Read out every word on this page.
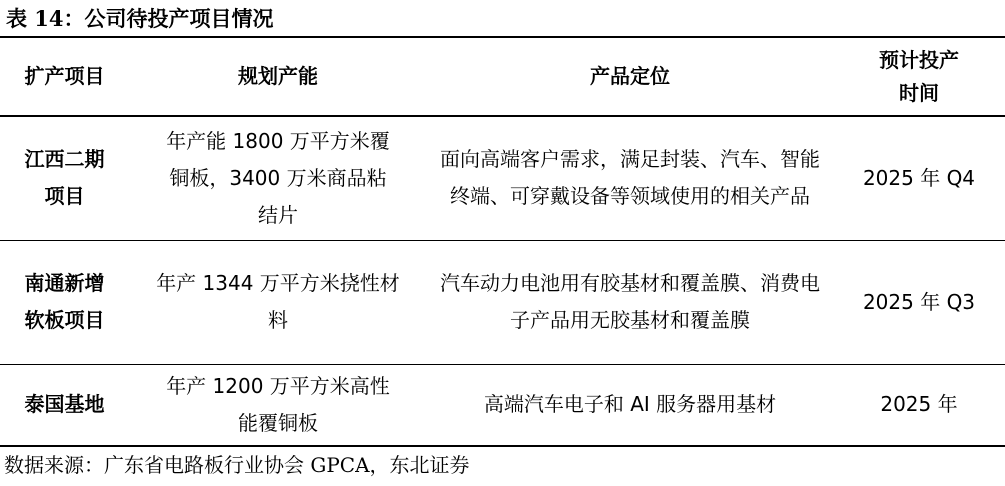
表 14：公司待投产项目情况
扩产项目	规划产能	产品定位	预计投产时间
江西二期项目	年产能 1800 万平方米覆铜板，3400 万米商品粘结片	面向高端客户需求，满足封装、汽车、智能终端、可穿戴设备等领域使用的相关产品	2025 年 Q4
南通新增软板项目	年产 1344 万平方米挠性材料	汽车动力电池用有胶基材和覆盖膜、消费电子产品用无胶基材和覆盖膜	2025 年 Q3
泰国基地	年产 1200 万平方米高性能覆铜板	高端汽车电子和 AI 服务器用基材	2025 年
数据来源：广东省电路板行业协会 GPCA，东北证券
